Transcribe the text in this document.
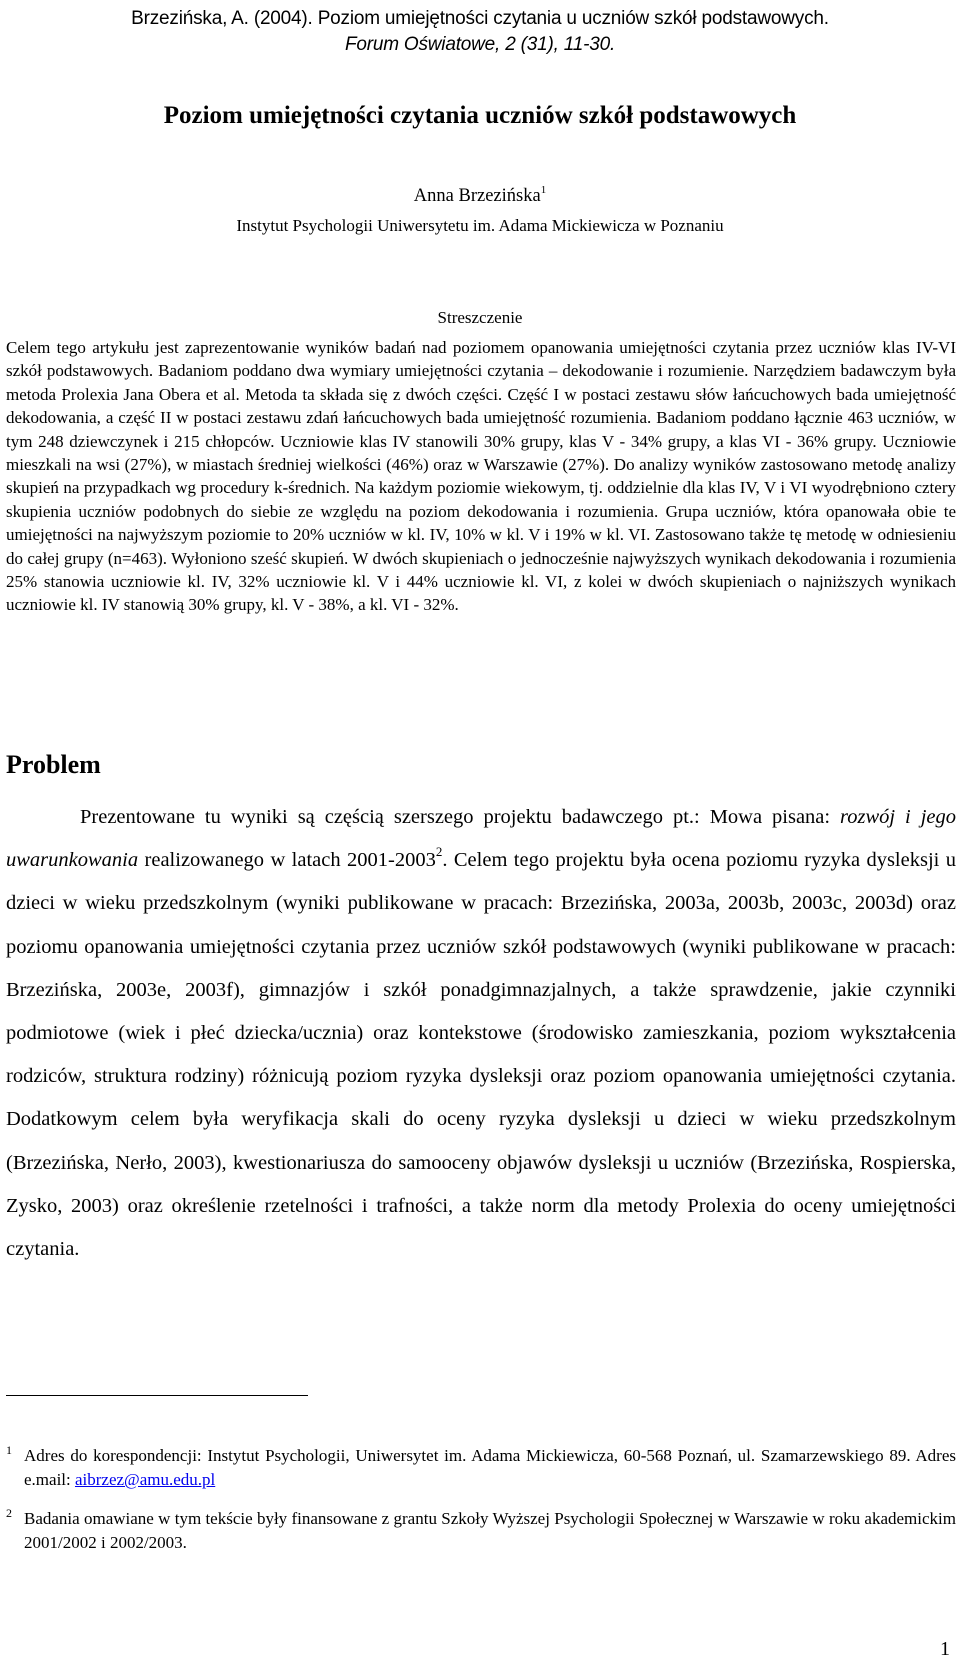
Brzezińska, A. (2004). Poziom umiejętności czytania u uczniów szkół podstawowych.
Forum Oświatowe, 2 (31), 11-30.
Poziom umiejętności czytania uczniów szkół podstawowych
Anna Brzezińska$^1$
Instytut Psychologii Uniwersytetu im. Adama Mickiewicza w Poznaniu
Streszczenie

Celem tego artykułu jest zaprezentowanie wyników badań nad poziomem opanowania umiejętności czytania przez uczniów klas IV-VI szkół podstawowych. Badaniom poddano dwa wymiary umiejętności czytania – dekodowanie i rozumienie. Narzędziem badawczym była metoda Prolexia Jana Obera et al. Metoda ta składa się z dwóch części. Część I w postaci zestawu słów łańcuchowych bada umiejętność dekodowania, a część II w postaci zestawu zdań łańcuchowych bada umiejętność rozumienia. Badaniom poddano łącznie 463 uczniów, w tym 248 dziewczynek i 215 chłopców. Uczniowie klas IV stanowili 30% grupy, klas V - 34% grupy, a klas VI - 36% grupy. Uczniowie mieszkali na wsi (27%), w miastach średniej wielkości (46%) oraz w Warszawie (27%). Do analizy wyników zastosowano metodę analizy skupień na przypadkach wg procedury k-średnich. Na każdym poziomie wiekowym, tj. oddzielnie dla klas IV, V i VI wyodrębniono cztery skupienia uczniów podobnych do siebie ze względu na poziom dekodowania i rozumienia. Grupa uczniów, która opanowała obie te umiejętności na najwyższym poziomie to 20% uczniów w kl. IV, 10% w kl. V i 19% w kl. VI. Zastosowano także tę metodę w odniesieniu do całej grupy (n=463). Wyłoniono sześć skupień. W dwóch skupieniach o jednocześnie najwyższych wynikach dekodowania i rozumienia 25% stanowia uczniowie kl. IV, 32% uczniowie kl. V i 44% uczniowie kl. VI, z kolei w dwóch skupieniach o najniższych wynikach uczniowie kl. IV stanowią 30% grupy, kl. V - 38%, a kl. VI - 32%.

Problem

Prezentowane tu wyniki są częścią szerszego projektu badawczego pt.: Mowa pisana: rozwój i jego uwarunkowania realizowanego w latach 2001-2003$^2$. Celem tego projektu była ocena poziomu ryzyka dysleksji u dzieci w wieku przedszkolnym (wyniki publikowane w pracach: Brzezińska, 2003a, 2003b, 2003c, 2003d) oraz poziomu opanowania umiejętności czytania przez uczniów szkół podstawowych (wyniki publikowane w pracach: Brzezińska, 2003e, 2003f), gimnazjów i szkół ponadgimnazjalnych, a także sprawdzenie, jakie czynniki podmiotowe (wiek i płeć dziecka/ucznia) oraz kontekstowe (środowisko zamieszkania, poziom wykształcenia rodziców, struktura rodziny) różnicują poziom ryzyka dysleksji oraz poziom opanowania umiejętności czytania. Dodatkowym celem była weryfikacja skali do oceny ryzyka dysleksji u dzieci w wieku przedszkolnym (Brzezińska, Nerło, 2003), kwestionariusza do samooceny objawów dysleksji u uczniów (Brzezińska, Rospierska, Zysko, 2003) oraz określenie rzetelności i trafności, a także norm dla metody Prolexia do oceny umiejętności czytania.

1 Adres do korespondencji: Instytut Psychologii, Uniwersytet im. Adama Mickiewicza, 60-568 Poznań, ul. Szamarzewskiego 89. Adres e.mail: aibrzez@amu.edu.pl

2 Badania omawiane w tym tekście były finansowane z grantu Szkoły Wyższej Psychologii Społecznej w Warszawie w roku akademickim 2001/2002 i 2002/2003.

1
